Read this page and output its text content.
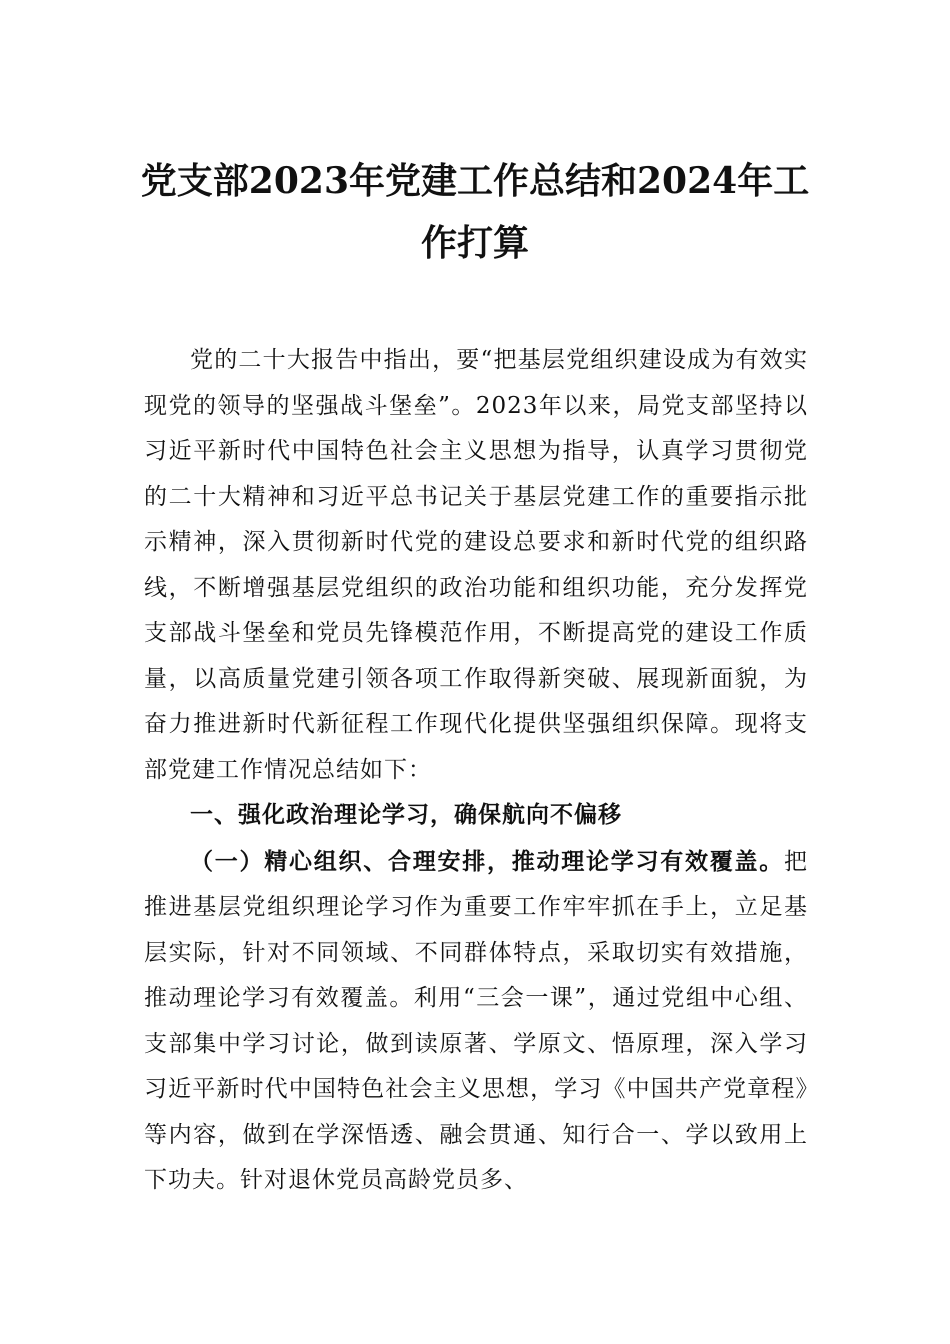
党支部2023年党建工作总结和2024年工作打算

党的二十大报告中指出，要“把基层党组织建设成为有效实现党的领导的坚强战斗堡垒”。2023年以来，局党支部坚持以习近平新时代中国特色社会主义思想为指导，认真学习贯彻党的二十大精神和习近平总书记关于基层党建工作的重要指示批示精神，深入贯彻新时代党的建设总要求和新时代党的组织路线，不断增强基层党组织的政治功能和组织功能，充分发挥党支部战斗堡垒和党员先锋模范作用，不断提高党的建设工作质量，以高质量党建引领各项工作取得新突破、展现新面貌，为奋力推进新时代新征程工作现代化提供坚强组织保障。现将支部党建工作情况总结如下：

一、强化政治理论学习，确保航向不偏移

（一）精心组织、合理安排，推动理论学习有效覆盖。把推进基层党组织理论学习作为重要工作牢牢抓在手上，立足基层实际，针对不同领域、不同群体特点，采取切实有效措施，推动理论学习有效覆盖。利用“三会一课”，通过党组中心组、支部集中学习讨论，做到读原著、学原文、悟原理，深入学习习近平新时代中国特色社会主义思想，学习《中国共产党章程》等内容，做到在学深悟透、融会贯通、知行合一、学以致用上下功夫。针对退休党员高龄党员多、
